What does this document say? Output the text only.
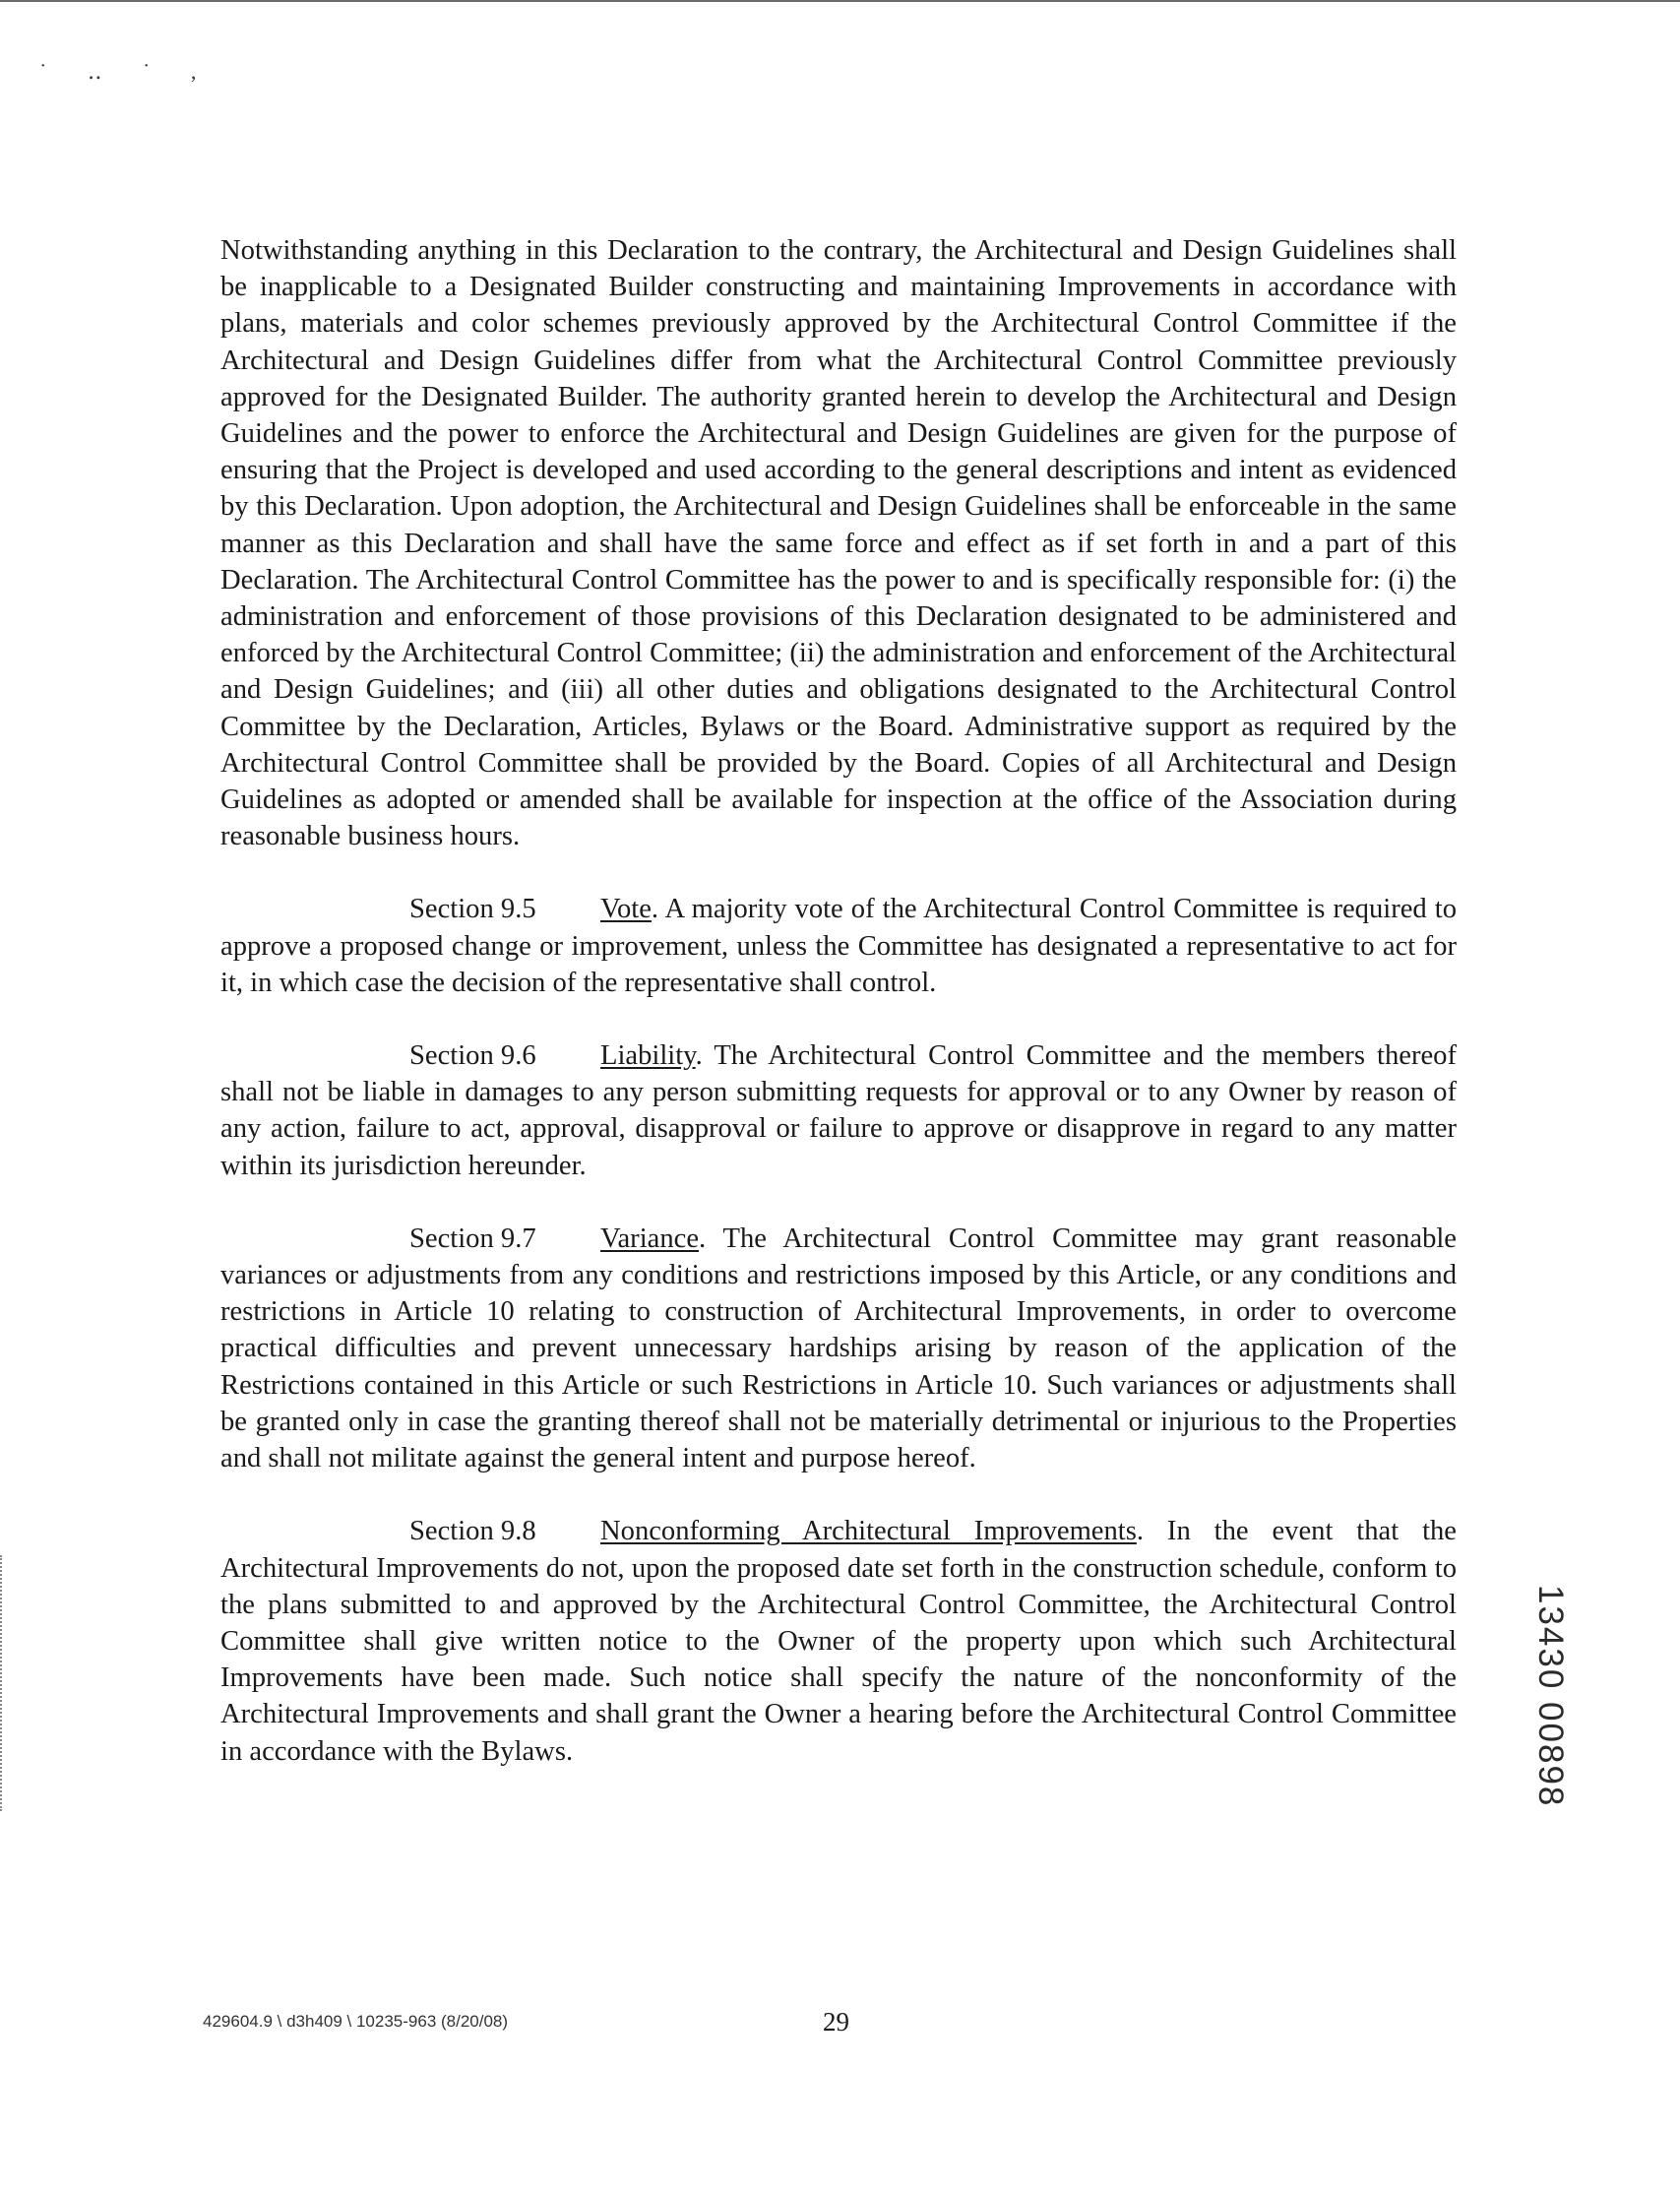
˙ ‥ ˙ ,

Notwithstanding anything in this Declaration to the contrary, the Architectural and Design Guidelines shall be inapplicable to a Designated Builder constructing and maintaining Improvements in accordance with plans, materials and color schemes previously approved by the Architectural Control Committee if the Architectural and Design Guidelines differ from what the Architectural Control Committee previously approved for the Designated Builder. The authority granted herein to develop the Architectural and Design Guidelines and the power to enforce the Architectural and Design Guidelines are given for the purpose of ensuring that the Project is developed and used according to the general descriptions and intent as evidenced by this Declaration. Upon adoption, the Architectural and Design Guidelines shall be enforceable in the same manner as this Declaration and shall have the same force and effect as if set forth in and a part of this Declaration. The Architectural Control Committee has the power to and is specifically responsible for: (i) the administration and enforcement of those provisions of this Declaration designated to be administered and enforced by the Architectural Control Committee; (ii) the administration and enforcement of the Architectural and Design Guidelines; and (iii) all other duties and obligations designated to the Architectural Control Committee by the Declaration, Articles, Bylaws or the Board. Administrative support as required by the Architectural Control Committee shall be provided by the Board. Copies of all Architectural and Design Guidelines as adopted or amended shall be available for inspection at the office of the Association during reasonable business hours.

Section 9.5 Vote. A majority vote of the Architectural Control Committee is required to approve a proposed change or improvement, unless the Committee has designated a representative to act for it, in which case the decision of the representative shall control.

Section 9.6 Liability. The Architectural Control Committee and the members thereof shall not be liable in damages to any person submitting requests for approval or to any Owner by reason of any action, failure to act, approval, disapproval or failure to approve or disapprove in regard to any matter within its jurisdiction hereunder.

Section 9.7 Variance. The Architectural Control Committee may grant reasonable variances or adjustments from any conditions and restrictions imposed by this Article, or any conditions and restrictions in Article 10 relating to construction of Architectural Improvements, in order to overcome practical difficulties and prevent unnecessary hardships arising by reason of the application of the Restrictions contained in this Article or such Restrictions in Article 10. Such variances or adjustments shall be granted only in case the granting thereof shall not be materially detrimental or injurious to the Properties and shall not militate against the general intent and purpose hereof.

Section 9.8 Nonconforming Architectural Improvements. In the event that the Architectural Improvements do not, upon the proposed date set forth in the construction schedule, conform to the plans submitted to and approved by the Architectural Control Committee, the Architectural Control Committee shall give written notice to the Owner of the property upon which such Architectural Improvements have been made. Such notice shall specify the nature of the nonconformity of the Architectural Improvements and shall grant the Owner a hearing before the Architectural Control Committee in accordance with the Bylaws.	13430 00898
429604.9 \ d3h409 \ 10235-963 (8/20/08)	29
